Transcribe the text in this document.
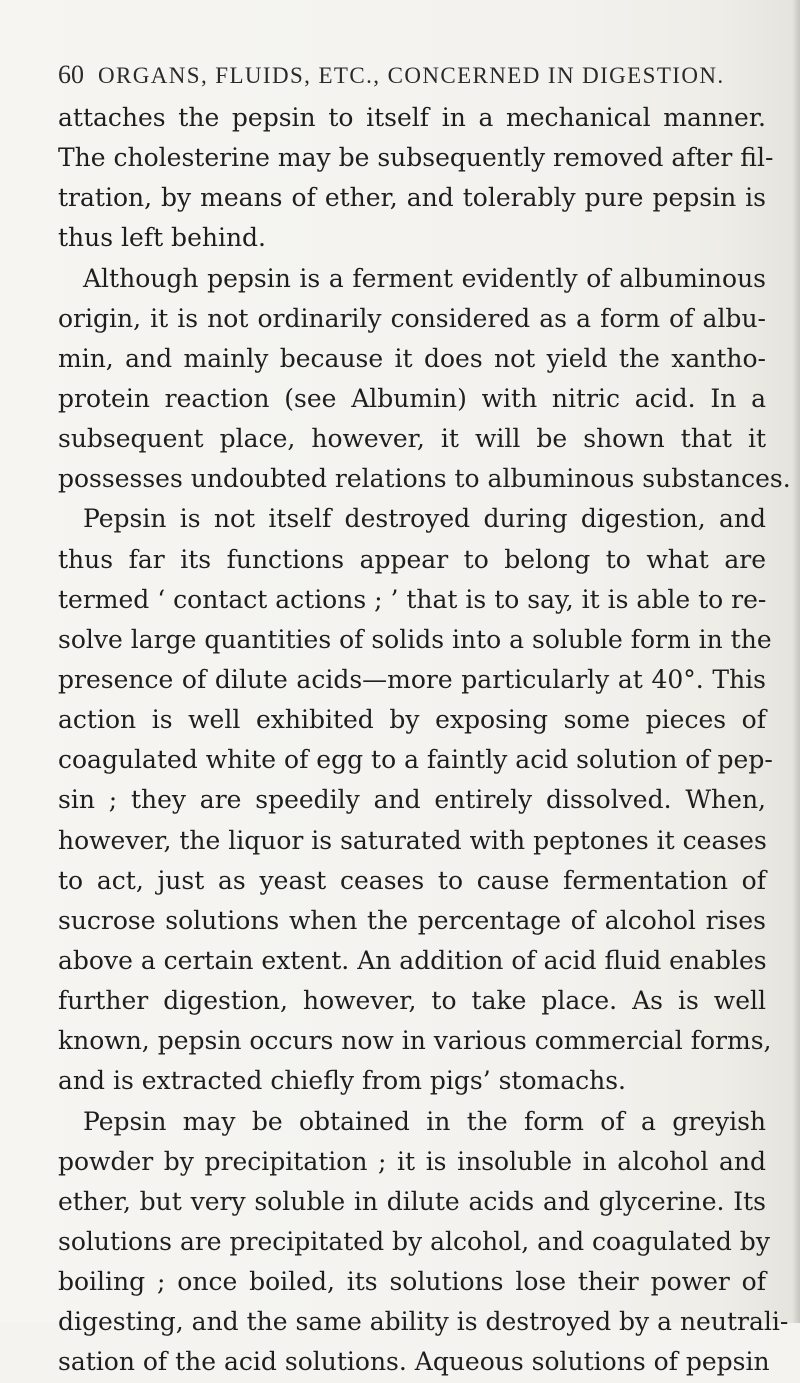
60 ORGANS, FLUIDS, ETC., CONCERNED IN DIGESTION.
attaches the pepsin to itself in a mechanical manner.
The cholesterine may be subsequently removed after fil-
tration, by means of ether, and tolerably pure pepsin is
thus left behind.
Although pepsin is a ferment evidently of albuminous
origin, it is not ordinarily considered as a form of albu-
min, and mainly because it does not yield the xantho-
protein reaction (see Albumin) with nitric acid. In a
subsequent place, however, it will be shown that it
possesses undoubted relations to albuminous substances.
Pepsin is not itself destroyed during digestion, and
thus far its functions appear to belong to what are
termed ‘ contact actions ; ’ that is to say, it is able to re-
solve large quantities of solids into a soluble form in the
presence of dilute acids—more particularly at 40°. This
action is well exhibited by exposing some pieces of
coagulated white of egg to a faintly acid solution of pep-
sin ; they are speedily and entirely dissolved. When,
however, the liquor is saturated with peptones it ceases
to act, just as yeast ceases to cause fermentation of
sucrose solutions when the percentage of alcohol rises
above a certain extent. An addition of acid fluid enables
further digestion, however, to take place. As is well
known, pepsin occurs now in various commercial forms,
and is extracted chiefly from pigs’ stomachs.
Pepsin may be obtained in the form of a greyish
powder by precipitation ; it is insoluble in alcohol and
ether, but very soluble in dilute acids and glycerine. Its
solutions are precipitated by alcohol, and coagulated by
boiling ; once boiled, its solutions lose their power of
digesting, and the same ability is destroyed by a neutrali-
sation of the acid solutions. Aqueous solutions of pepsin
